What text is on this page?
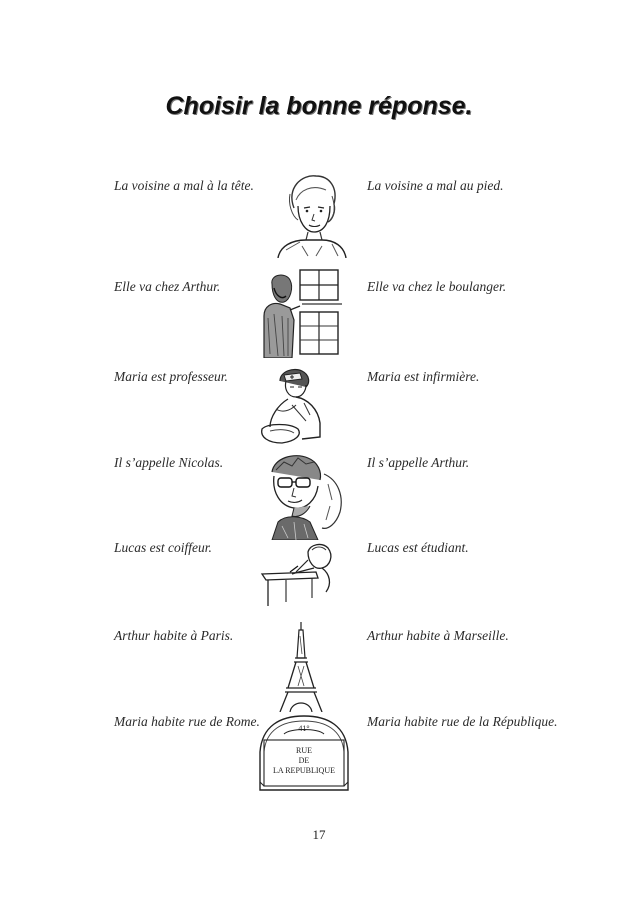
Choisir la bonne réponse.
La voisine a mal à la tête.	La voisine a mal au pied.
Elle va chez Arthur.	Elle va chez le boulanger.
Maria est professeur.	Maria est infirmière.
Il s’appelle Nicolas.	Il s’appelle Arthur.
Lucas est coiffeur.	Lucas est étudiant.
Arthur habite à Paris.	Arthur habite à Marseille.
Maria habite rue de Rome.	Maria habite rue de la République.
41°
RUE
DE
LA REPUBLIQUE
17
